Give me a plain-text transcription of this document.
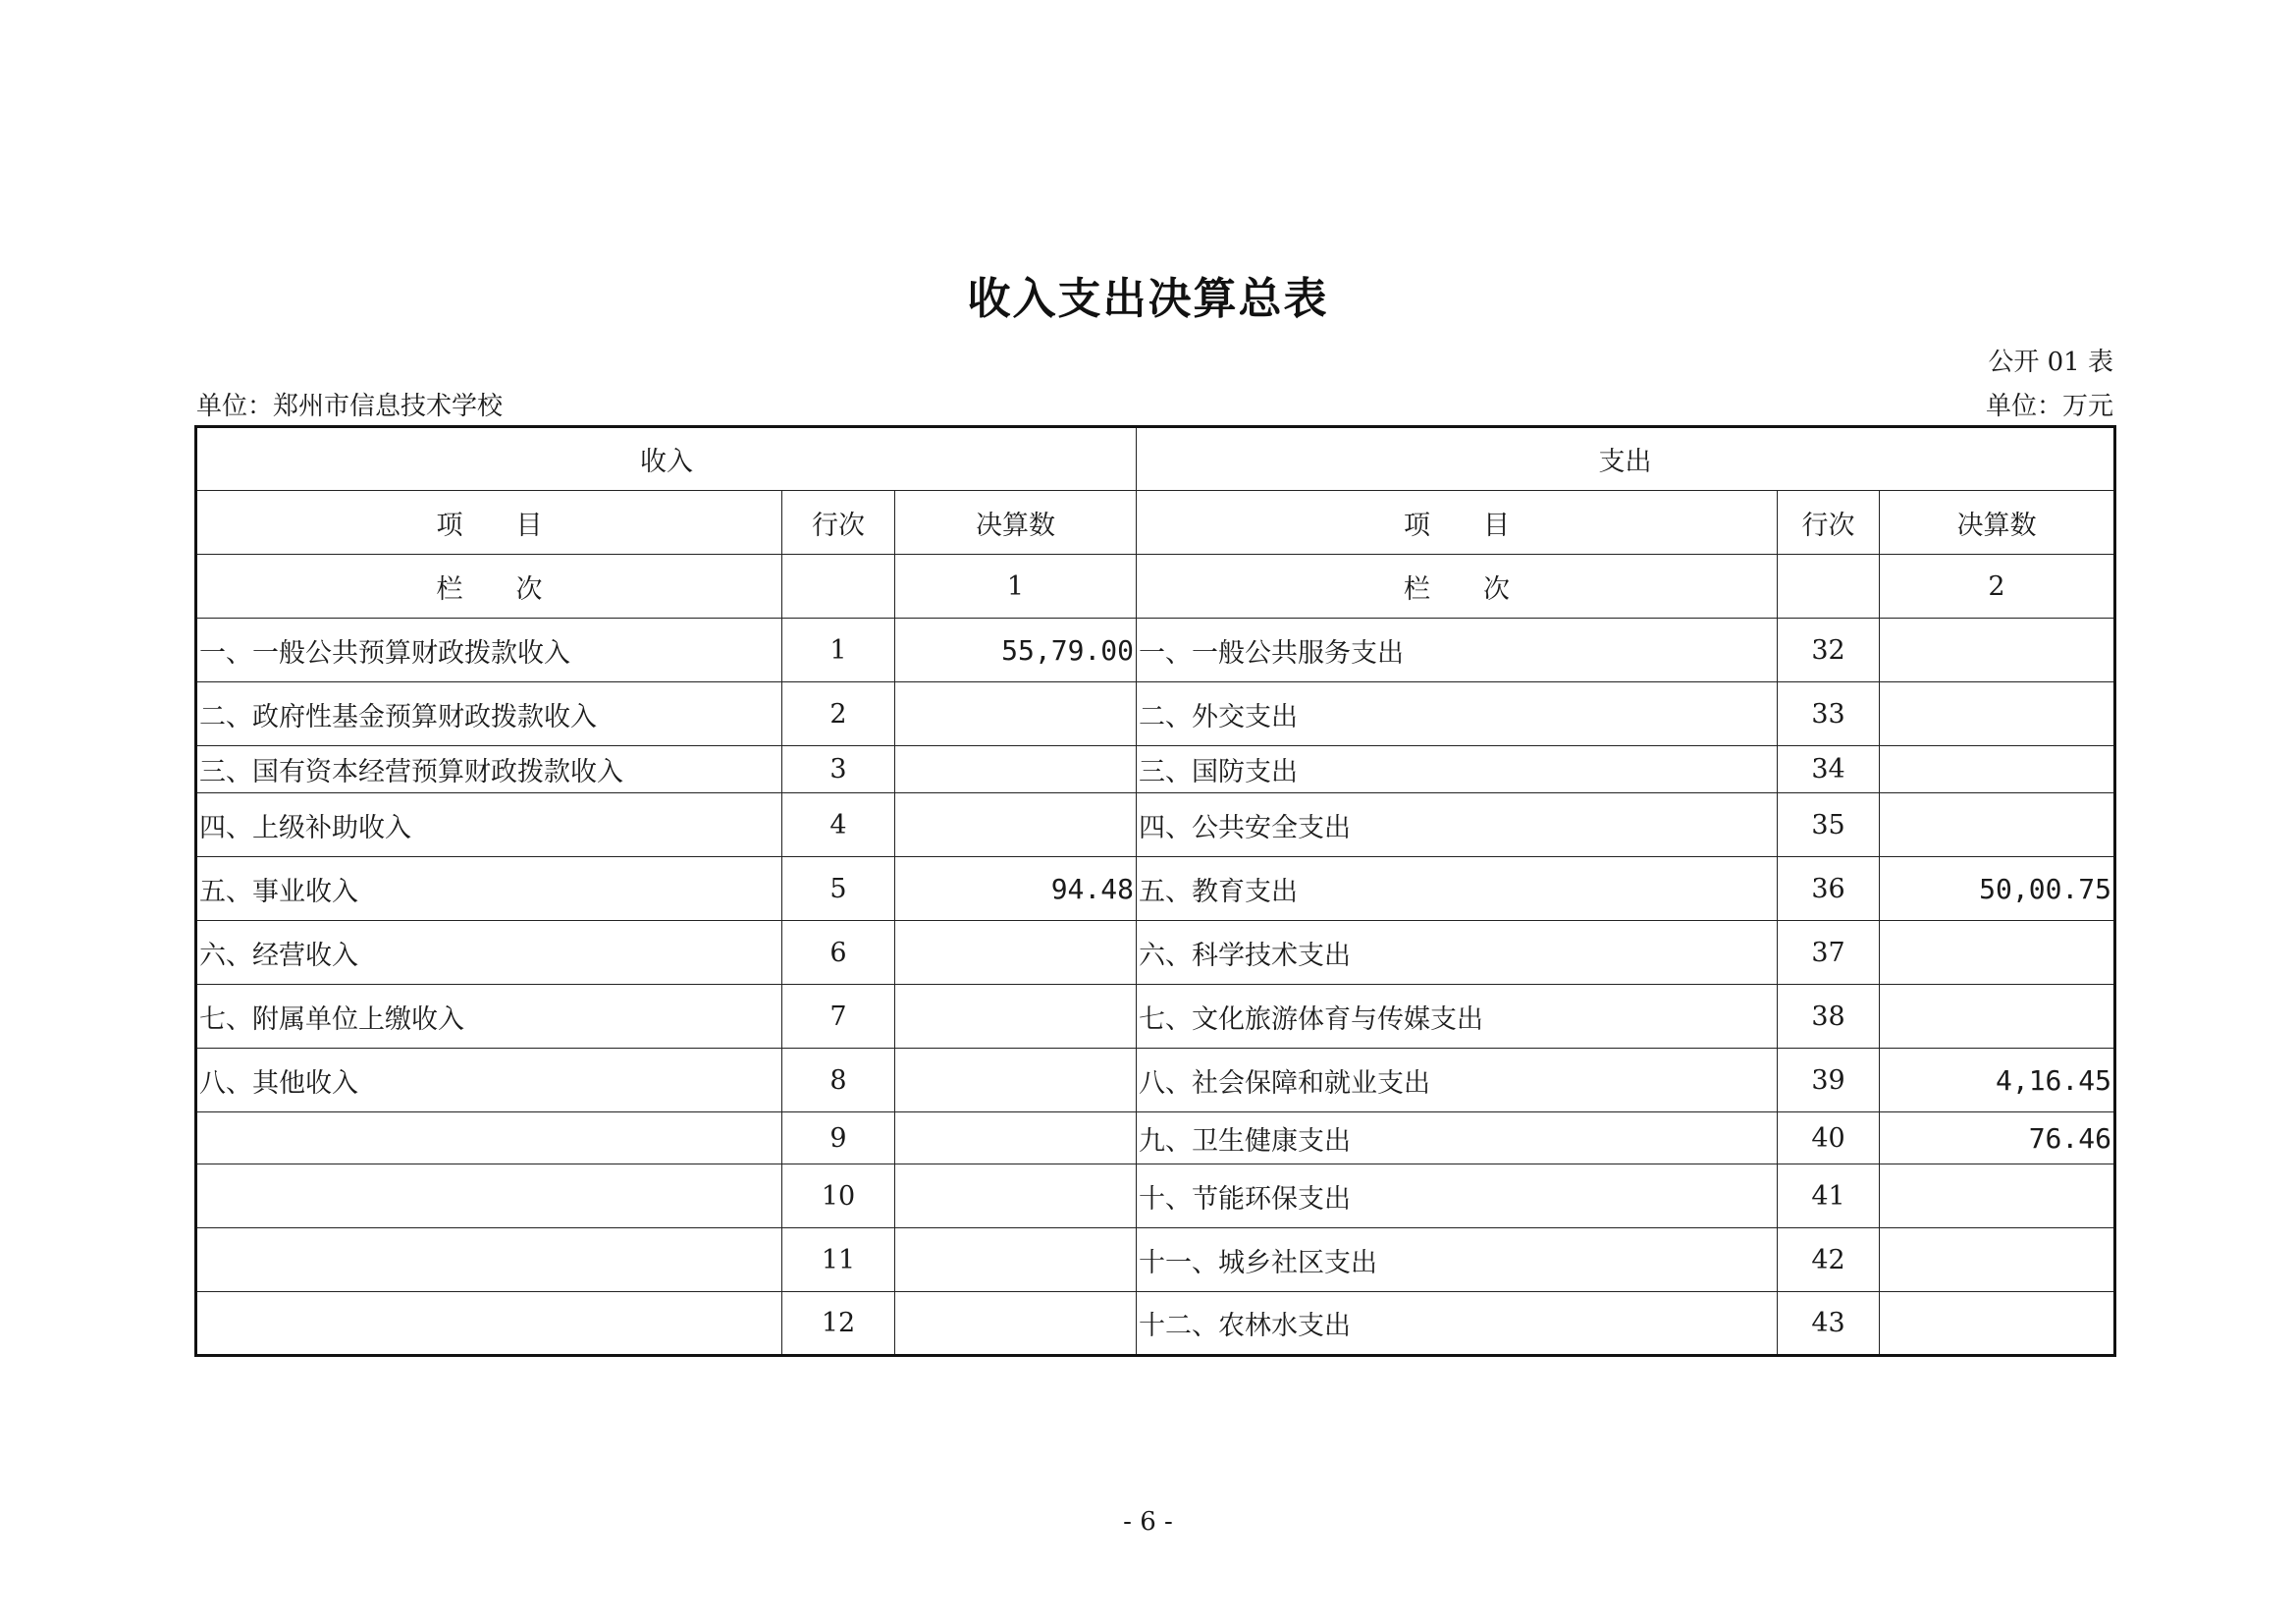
收入支出决算总表
公开 01 表
单位：郑州市信息技术学校	单位：万元
收入			支出		
项　　目	行次	决算数	项　　目	行次	决算数
栏　　次		1	栏　　次		2
一、一般公共预算财政拨款收入	1	55,79.00	一、一般公共服务支出	32	
二、政府性基金预算财政拨款收入	2		二、外交支出	33	
三、国有资本经营预算财政拨款收入	3		三、国防支出	34	
四、上级补助收入	4		四、公共安全支出	35	
五、事业收入	5	94.48	五、教育支出	36	50,00.75
六、经营收入	6		六、科学技术支出	37	
七、附属单位上缴收入	7		七、文化旅游体育与传媒支出	38	
八、其他收入	8		八、社会保障和就业支出	39	4,16.45
	9		九、卫生健康支出	40	76.46
	10		十、节能环保支出	41	
	11		十一、城乡社区支出	42	
	12		十二、农林水支出	43	
- 6 -
